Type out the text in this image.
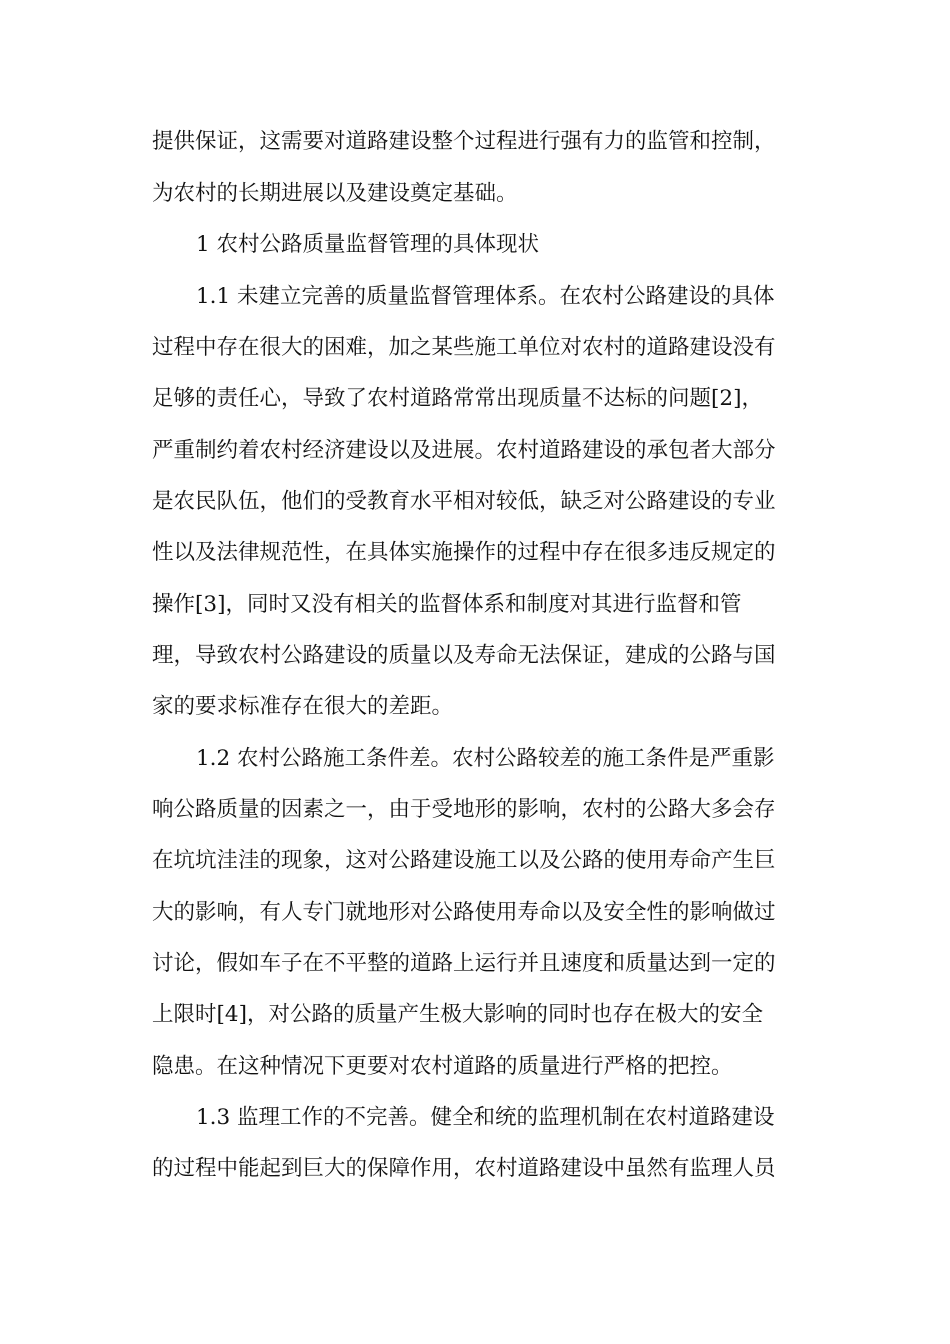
提供保证，这需要对道路建设整个过程进行强有力的监管和控制，
为农村的长期进展以及建设奠定基础。
1 农村公路质量监督管理的具体现状
1.1 未建立完善的质量监督管理体系。在农村公路建设的具体
过程中存在很大的困难，加之某些施工单位对农村的道路建设没有
足够的责任心，导致了农村道路常常出现质量不达标的问题[2]，
严重制约着农村经济建设以及进展。农村道路建设的承包者大部分
是农民队伍，他们的受教育水平相对较低，缺乏对公路建设的专业
性以及法律规范性，在具体实施操作的过程中存在很多违反规定的
操作[3]，同时又没有相关的监督体系和制度对其进行监督和管
理，导致农村公路建设的质量以及寿命无法保证，建成的公路与国
家的要求标准存在很大的差距。
1.2 农村公路施工条件差。农村公路较差的施工条件是严重影
响公路质量的因素之一，由于受地形的影响，农村的公路大多会存
在坑坑洼洼的现象，这对公路建设施工以及公路的使用寿命产生巨
大的影响，有人专门就地形对公路使用寿命以及安全性的影响做过
讨论，假如车子在不平整的道路上运行并且速度和质量达到一定的
上限时[4]，对公路的质量产生极大影响的同时也存在极大的安全
隐患。在这种情况下更要对农村道路的质量进行严格的把控。
1.3 监理工作的不完善。健全和统的监理机制在农村道路建设
的过程中能起到巨大的保障作用，农村道路建设中虽然有监理人员
